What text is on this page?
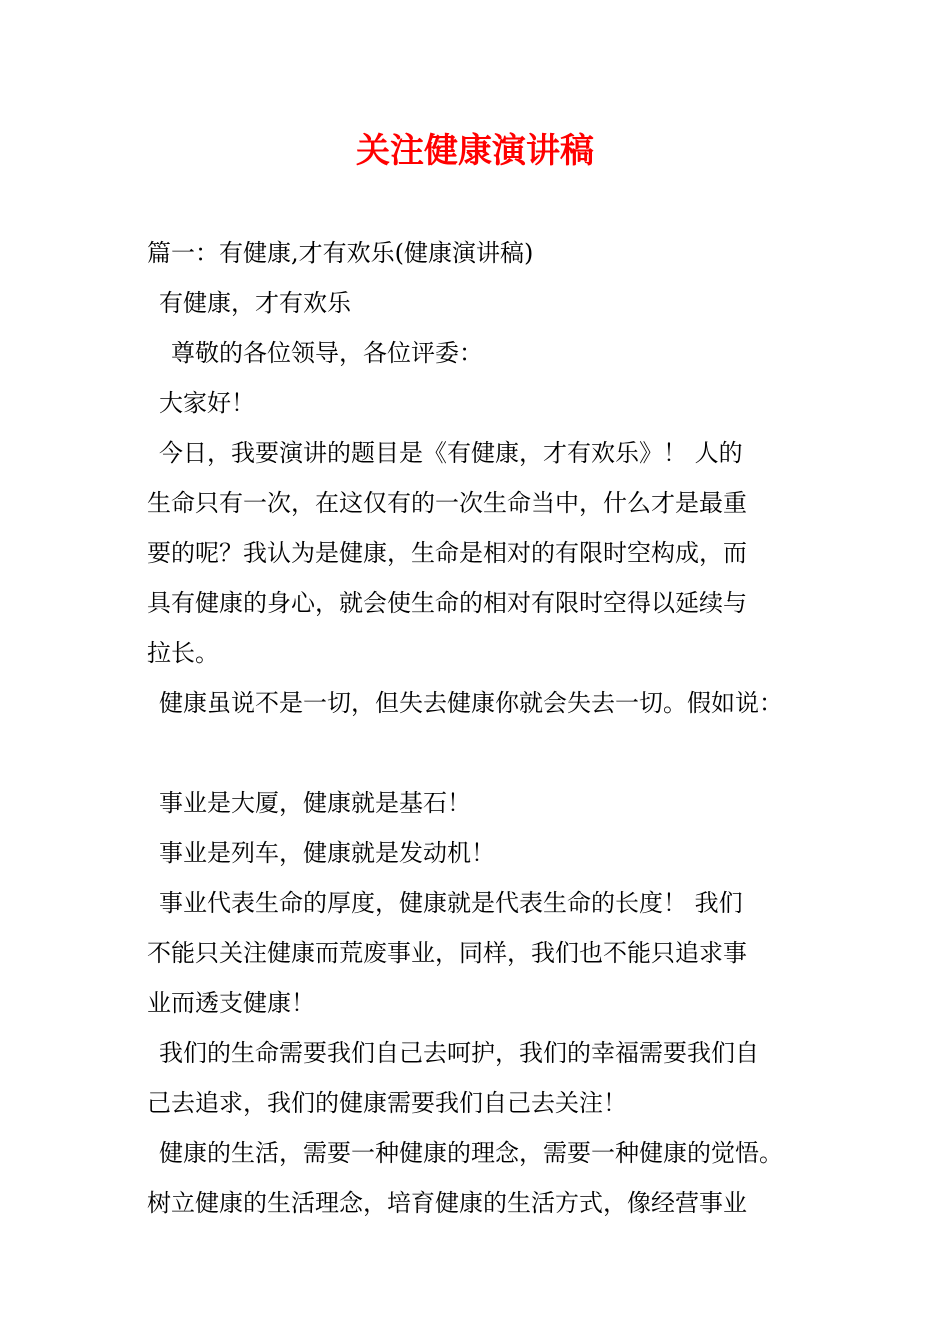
关注健康演讲稿
篇一：有健康,才有欢乐(健康演讲稿)
有健康，才有欢乐
尊敬的各位领导，各位评委：
大家好！
今日，我要演讲的题目是《有健康，才有欢乐》！ 人的
生命只有一次，在这仅有的一次生命当中，什么才是最重
要的呢？我认为是健康，生命是相对的有限时空构成，而
具有健康的身心，就会使生命的相对有限时空得以延续与
拉长。
健康虽说不是一切，但失去健康你就会失去一切。假如说：
事业是大厦，健康就是基石！
事业是列车，健康就是发动机！
事业代表生命的厚度，健康就是代表生命的长度！ 我们
不能只关注健康而荒废事业，同样，我们也不能只追求事
业而透支健康！
我们的生命需要我们自己去呵护，我们的幸福需要我们自
己去追求，我们的健康需要我们自己去关注！
健康的生活，需要一种健康的理念，需要一种健康的觉悟。
树立健康的生活理念，培育健康的生活方式，像经营事业
